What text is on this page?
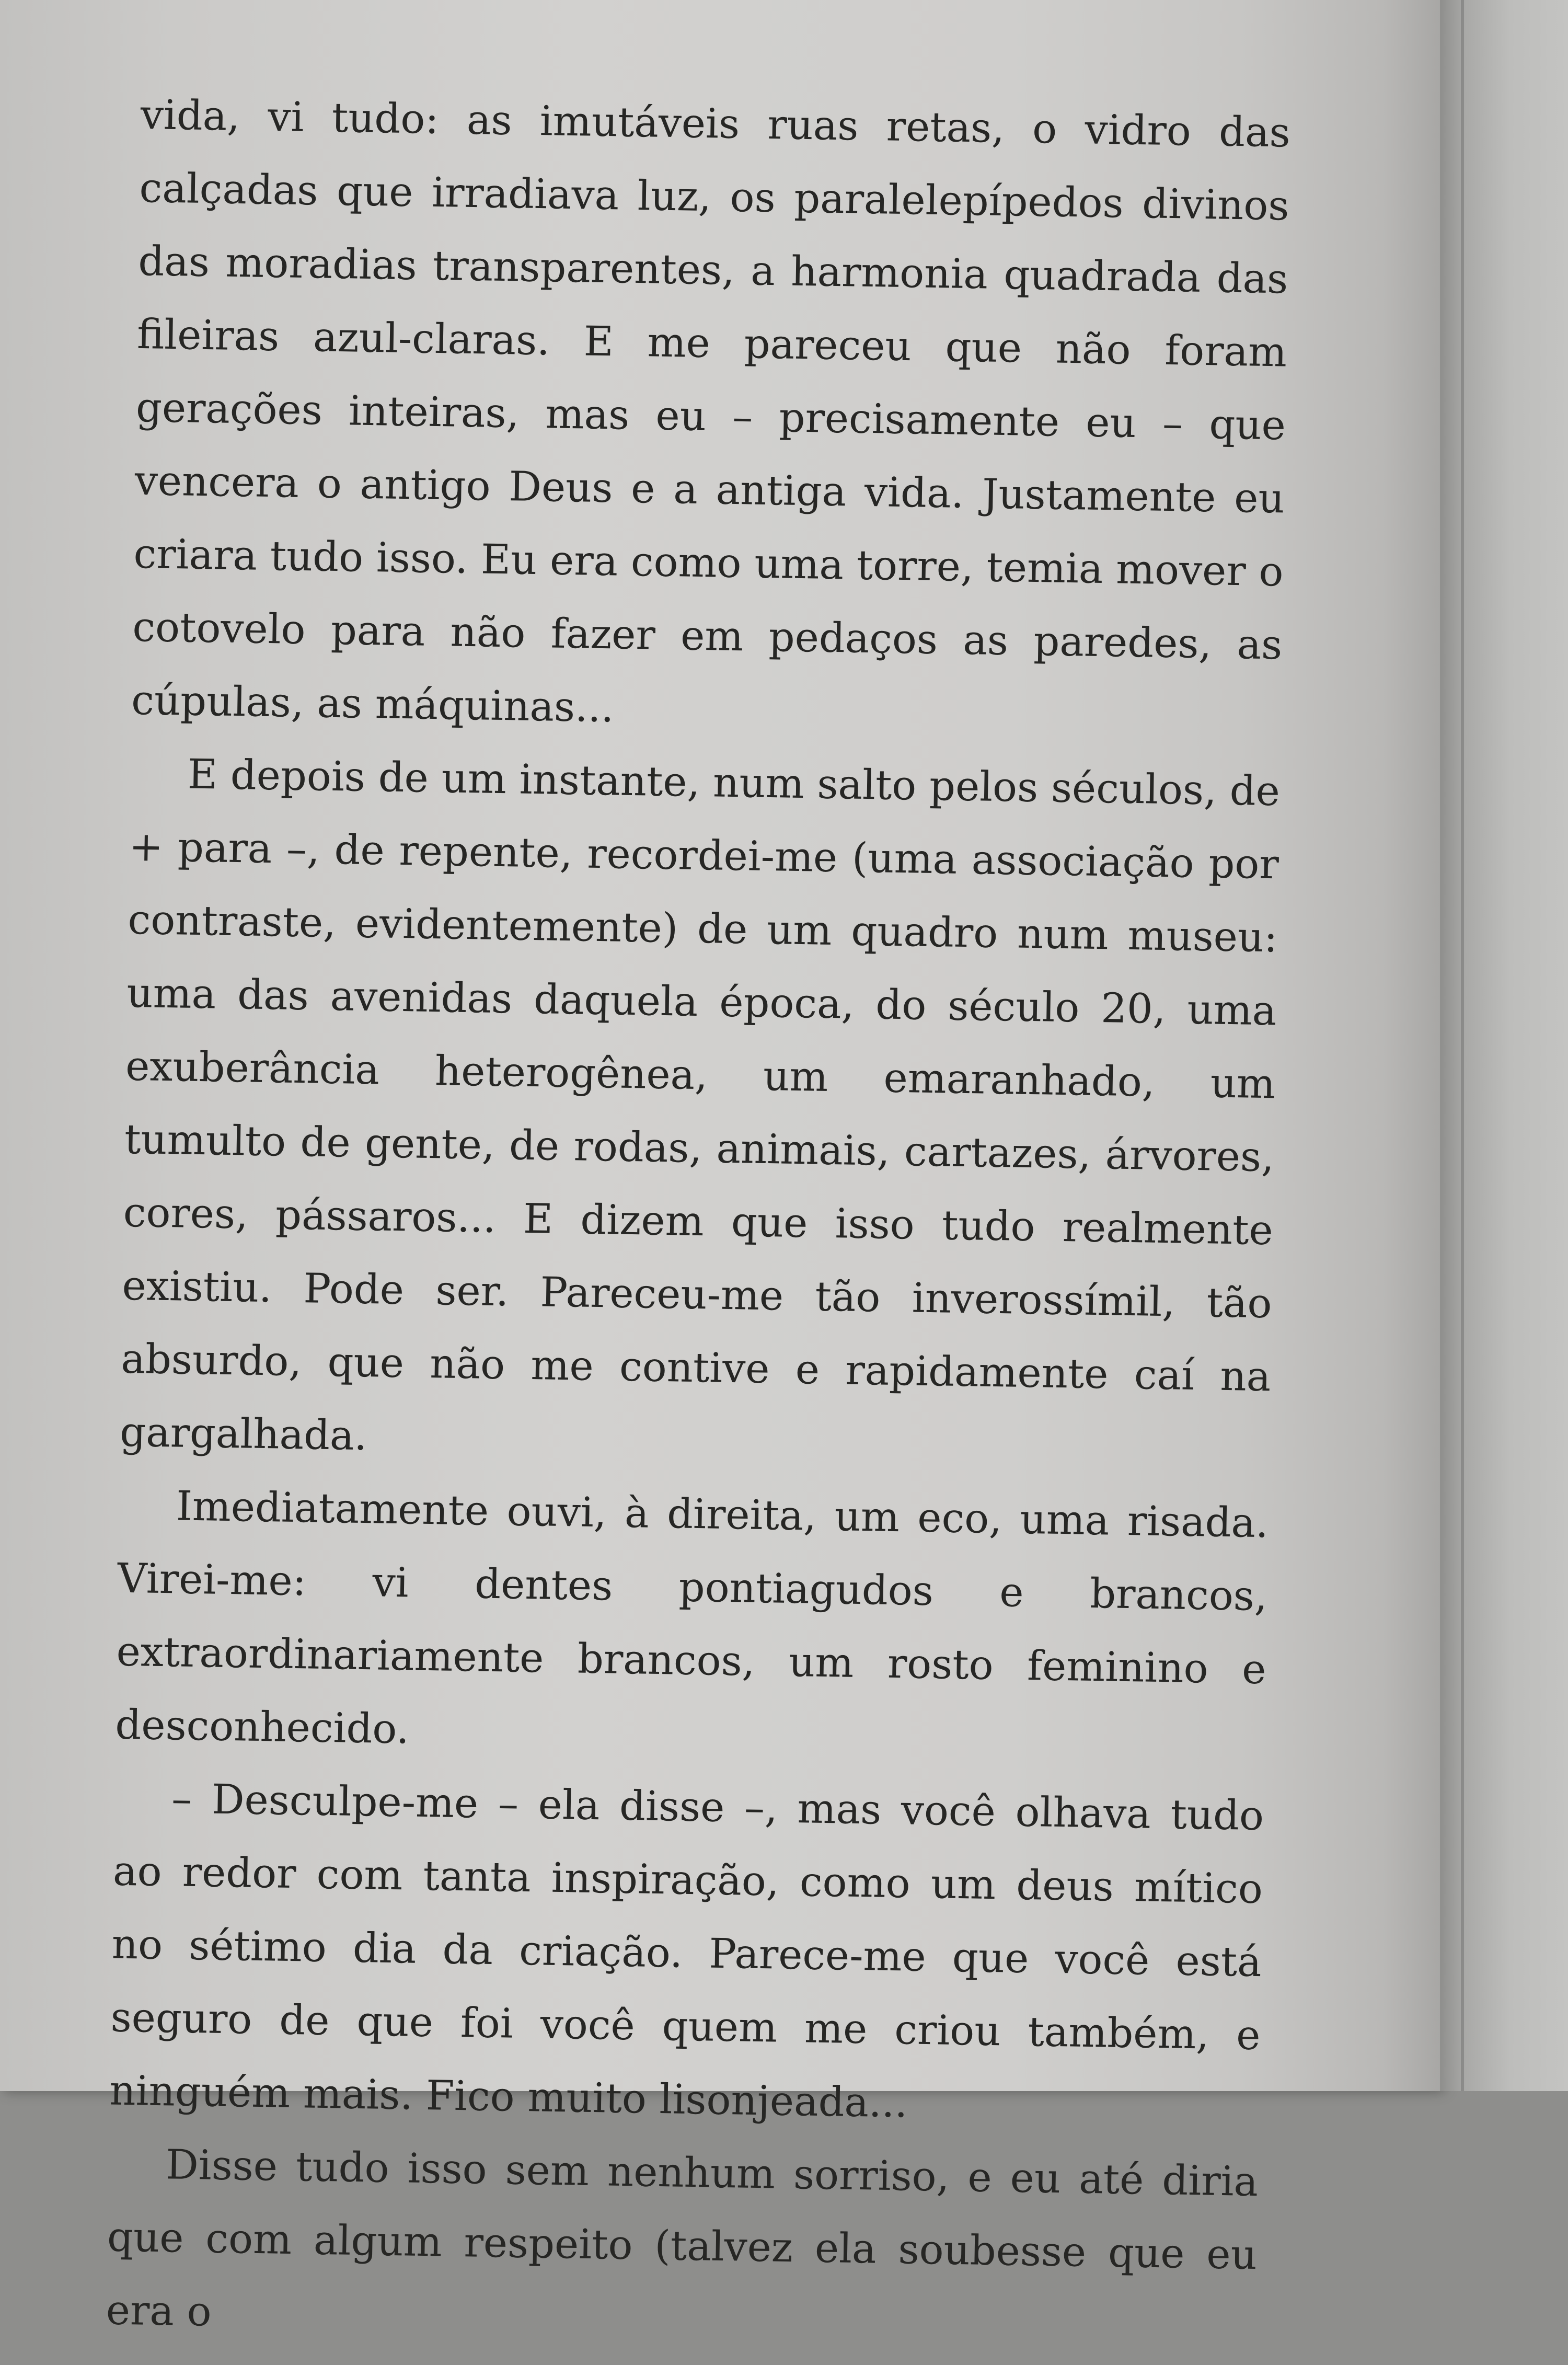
vida, vi tudo: as imutáveis ruas retas, o vidro das calçadas que irradiava luz, os paralelepípedos divinos das moradias transparentes, a harmonia quadrada das fileiras azul-claras. E me pareceu que não foram gerações inteiras, mas eu – precisamente eu – que vencera o antigo Deus e a antiga vida. Justamente eu criara tudo isso. Eu era como uma torre, temia mover o cotovelo para não fazer em pedaços as paredes, as cúpulas, as máquinas...

E depois de um instante, num salto pelos séculos, de + para –, de repente, recordei-me (uma associação por contraste, evidentemente) de um quadro num museu: uma das avenidas daquela época, do século 20, uma exuberância heterogênea, um emaranhado, um tumulto de gente, de rodas, animais, cartazes, árvores, cores, pássaros... E dizem que isso tudo realmente existiu. Pode ser. Pareceu-me tão inverossímil, tão absurdo, que não me contive e rapidamente caí na gargalhada.

Imediatamente ouvi, à direita, um eco, uma risada. Virei-me: vi dentes pontiagudos e brancos, extraordinariamente brancos, um rosto feminino e desconhecido.

– Desculpe-me – ela disse –, mas você olhava tudo ao redor com tanta inspiração, como um deus mítico no sétimo dia da criação. Parece-me que você está seguro de que foi você quem me criou também, e ninguém mais. Fico muito lisonjeada...

Disse tudo isso sem nenhum sorriso, e eu até diria que com algum respeito (talvez ela soubesse que eu era o
